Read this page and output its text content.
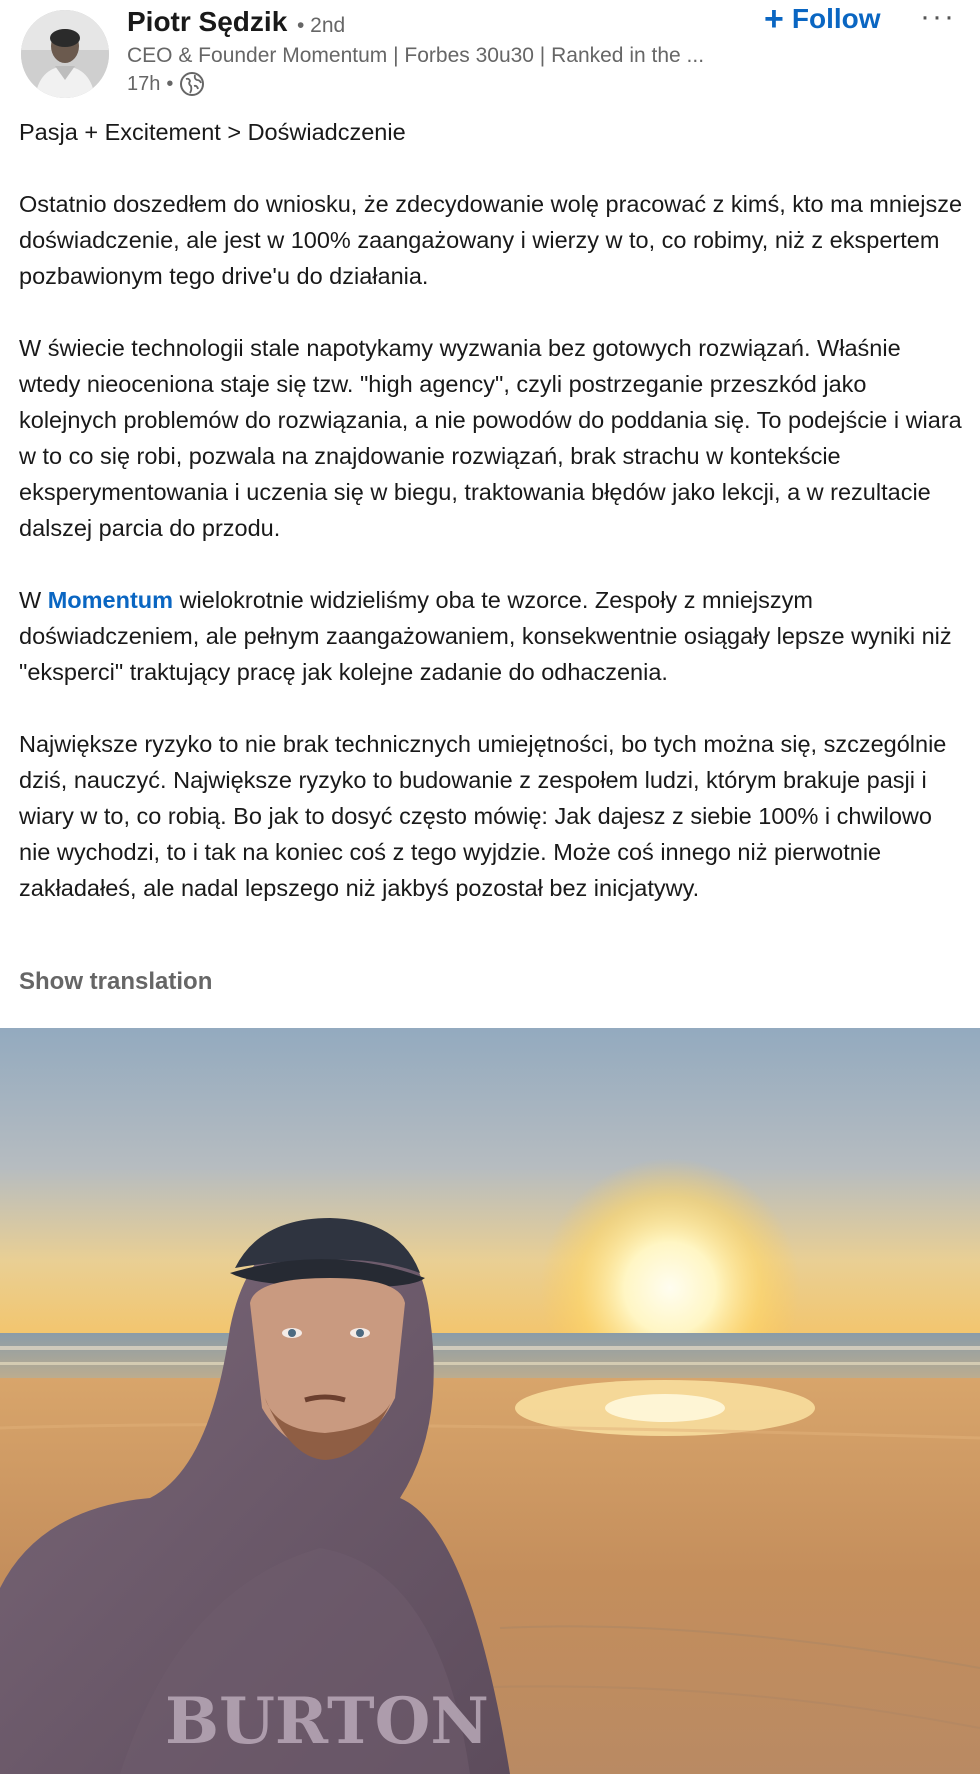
Piotr Sędzik • 2nd
CEO & Founder Momentum | Forbes 30u30 | Ranked in the ...
17h •
+ Follow ···

Pasja + Excitement > Doświadczenie

Ostatnio doszedłem do wniosku, że zdecydowanie wolę pracować z kimś, kto ma mniejsze doświadczenie, ale jest w 100% zaangażowany i wierzy w to, co robimy, niż z ekspertem pozbawionym tego drive'u do działania.

W świecie technologii stale napotykamy wyzwania bez gotowych rozwiązań. Właśnie wtedy nieoceniona staje się tzw. "high agency", czyli postrzeganie przeszkód jako kolejnych problemów do rozwiązania, a nie powodów do poddania się. To podejście i wiara w to co się robi, pozwala na znajdowanie rozwiązań, brak strachu w kontekście eksperymentowania i uczenia się w biegu, traktowania błędów jako lekcji, a w rezultacie dalszej parcia do przodu.

W Momentum wielokrotnie widzieliśmy oba te wzorce. Zespoły z mniejszym doświadczeniem, ale pełnym zaangażowaniem, konsekwentnie osiągały lepsze wyniki niż "eksperci" traktujący pracę jak kolejne zadanie do odhaczenia.

Największe ryzyko to nie brak technicznych umiejętności, bo tych można się, szczególnie dziś, nauczyć. Największe ryzyko to budowanie z zespołem ludzi, którym brakuje pasji i wiary w to, co robią. Bo jak to dosyć często mówię: Jak dajesz z siebie 100% i chwilowo nie wychodzi, to i tak na koniec coś z tego wyjdzie. Może coś innego niż pierwotnie zakładałeś, ale nadal lepszego niż jakbyś pozostał bez inicjatywy.

Show translation
BURTON
